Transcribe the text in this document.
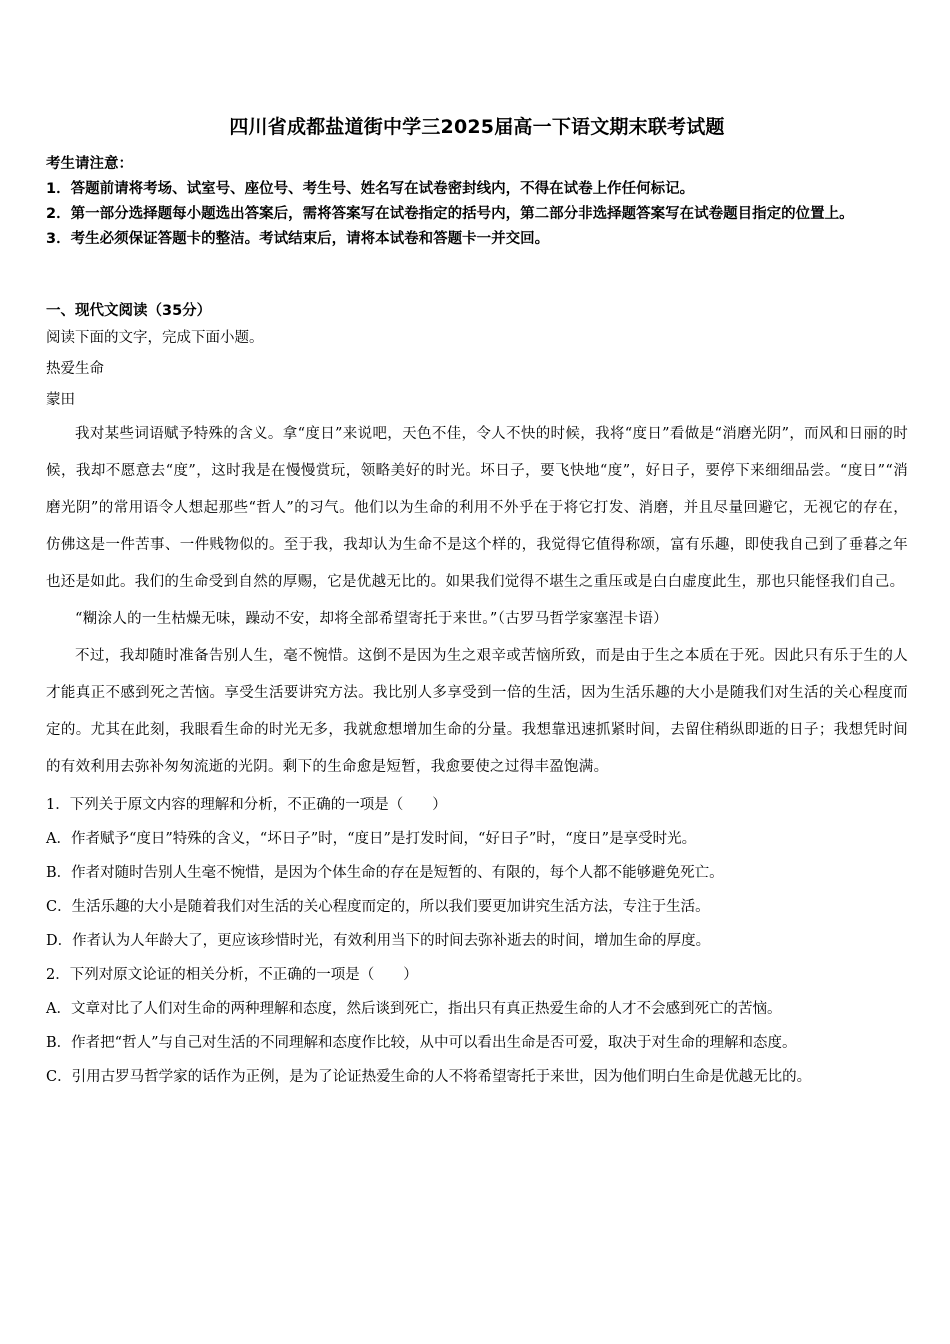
四川省成都盐道街中学三2025届高一下语文期末联考试题
考生请注意：
1．答题前请将考场、试室号、座位号、考生号、姓名写在试卷密封线内，不得在试卷上作任何标记。
2．第一部分选择题每小题选出答案后，需将答案写在试卷指定的括号内，第二部分非选择题答案写在试卷题目指定的位置上。
3．考生必须保证答题卡的整洁。考试结束后，请将本试卷和答题卡一并交回。
一、现代文阅读（35分）
阅读下面的文字，完成下面小题。
热爱生命
蒙田

我对某些词语赋予特殊的含义。拿“度日”来说吧，天色不佳，令人不快的时候，我将“度日”看做是“消磨光阴”，而风和日丽的时候，我却不愿意去“度”，这时我是在慢慢赏玩，领略美好的时光。坏日子，要飞快地“度”，好日子，要停下来细细品尝。“度日”“消磨光阴”的常用语令人想起那些“哲人”的习气。他们以为生命的利用不外乎在于将它打发、消磨，并且尽量回避它，无视它的存在，仿佛这是一件苦事、一件贱物似的。至于我，我却认为生命不是这个样的，我觉得它值得称颂，富有乐趣，即使我自己到了垂暮之年也还是如此。我们的生命受到自然的厚赐，它是优越无比的。如果我们觉得不堪生之重压或是白白虚度此生，那也只能怪我们自己。

“糊涂人的一生枯燥无味，躁动不安，却将全部希望寄托于来世。”（古罗马哲学家塞涅卡语）

不过，我却随时准备告别人生，毫不惋惜。这倒不是因为生之艰辛或苦恼所致，而是由于生之本质在于死。因此只有乐于生的人才能真正不感到死之苦恼。享受生活要讲究方法。我比别人多享受到一倍的生活，因为生活乐趣的大小是随我们对生活的关心程度而定的。尤其在此刻，我眼看生命的时光无多，我就愈想增加生命的分量。我想靠迅速抓紧时间，去留住稍纵即逝的日子；我想凭时间的有效利用去弥补匆匆流逝的光阴。剩下的生命愈是短暂，我愈要使之过得丰盈饱满。

1．下列关于原文内容的理解和分析，不正确的一项是（　　）
A．作者赋予“度日”特殊的含义，“坏日子”时，“度日”是打发时间，“好日子”时，“度日”是享受时光。
B．作者对随时告别人生毫不惋惜，是因为个体生命的存在是短暂的、有限的，每个人都不能够避免死亡。
C．生活乐趣的大小是随着我们对生活的关心程度而定的，所以我们要更加讲究生活方法，专注于生活。
D．作者认为人年龄大了，更应该珍惜时光，有效利用当下的时间去弥补逝去的时间，增加生命的厚度。
2．下列对原文论证的相关分析，不正确的一项是（　　）
A．文章对比了人们对生命的两种理解和态度，然后谈到死亡，指出只有真正热爱生命的人才不会感到死亡的苦恼。
B．作者把“哲人”与自己对生活的不同理解和态度作比较，从中可以看出生命是否可爱，取决于对生命的理解和态度。
C．引用古罗马哲学家的话作为正例，是为了论证热爱生命的人不将希望寄托于来世，因为他们明白生命是优越无比的。
